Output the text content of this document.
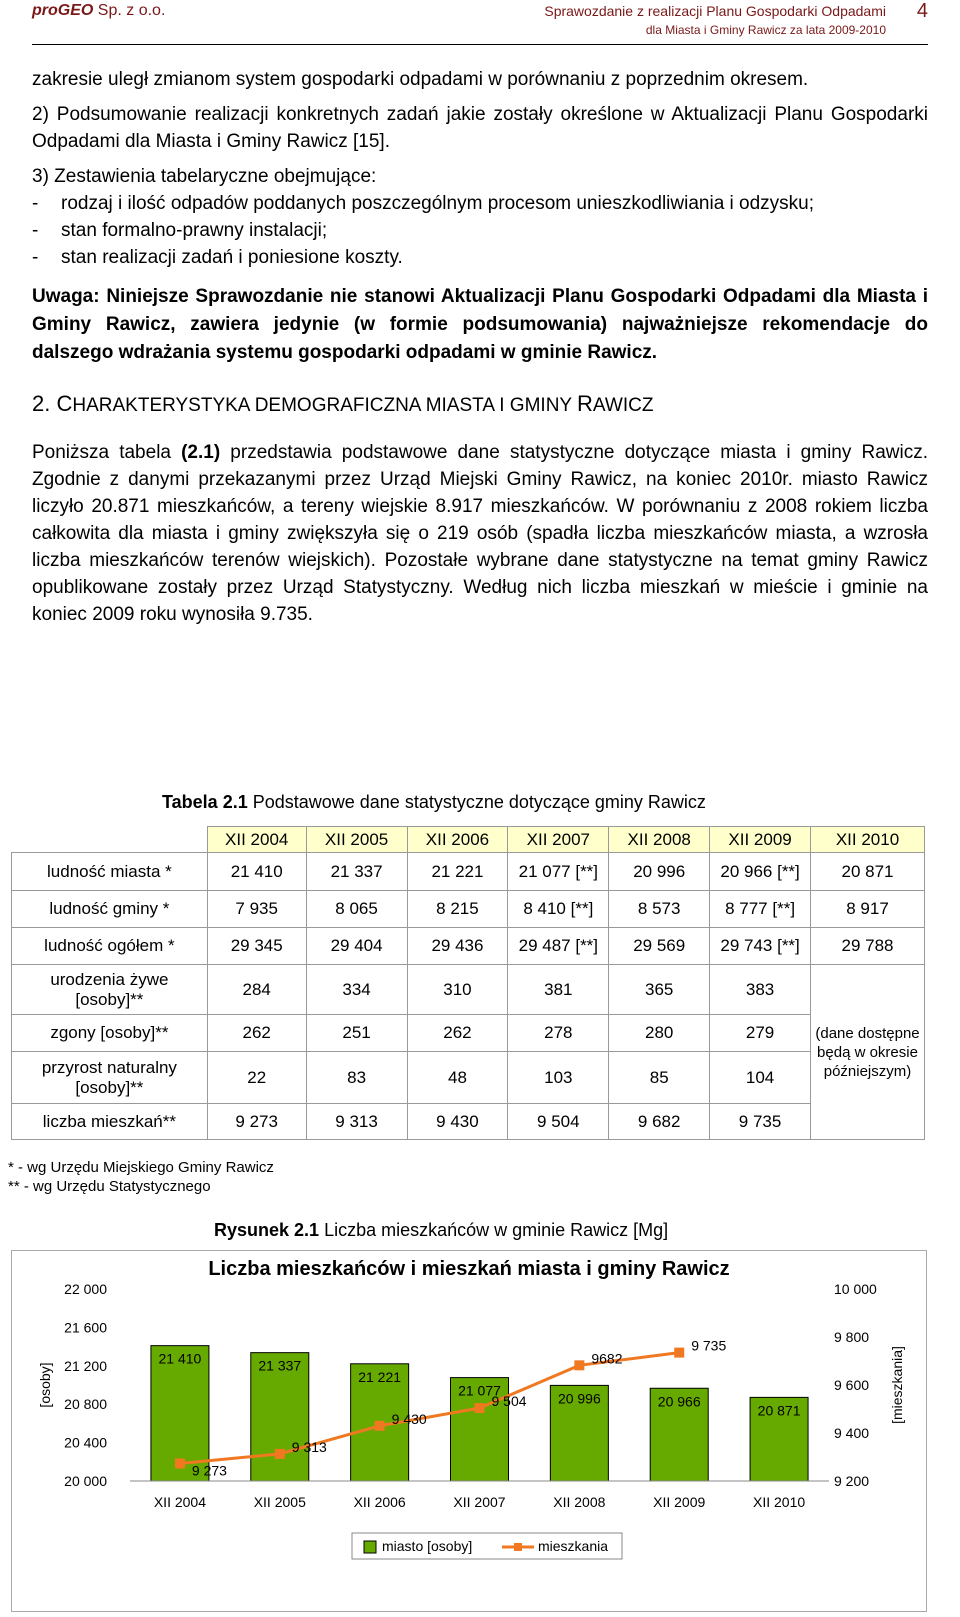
proGEO Sp. z o.o.	Sprawozdanie z realizacji Planu Gospodarki Odpadami
dla Miasta i Gminy Rawicz za lata 2009-2010
4

zakresie uległ zmianom system gospodarki odpadami w porównaniu z poprzednim okresem.

2) Podsumowanie realizacji konkretnych zadań jakie zostały określone w Aktualizacji Planu Gospodarki Odpadami dla Miasta i Gminy Rawicz [15].

3) Zestawienia tabelaryczne obejmujące:

-	rodzaj i ilość odpadów poddanych poszczególnym procesom unieszkodliwiania i odzysku;
-	stan formalno-prawny instalacji;
-	stan realizacji zadań i poniesione koszty.

Uwaga: Niniejsze Sprawozdanie nie stanowi Aktualizacji Planu Gospodarki Odpadami dla Miasta i Gminy Rawicz, zawiera jedynie (w formie podsumowania) najważniejsze rekomendacje do dalszego wdrażania systemu gospodarki odpadami w gminie Rawicz.

2. CHARAKTERYSTYKA DEMOGRAFICZNA MIASTA I GMINY RAWICZ

Poniższa tabela (2.1) przedstawia podstawowe dane statystyczne dotyczące miasta i gminy Rawicz. Zgodnie z danymi przekazanymi przez Urząd Miejski Gminy Rawicz, na koniec 2010r. miasto Rawicz liczyło 20.871 mieszkańców, a tereny wiejskie 8.917 mieszkańców. W porównaniu z 2008 rokiem liczba całkowita dla miasta i gminy zwiększyła się o 219 osób (spadła liczba mieszkańców miasta, a wzrosła liczba mieszkańców terenów wiejskich). Pozostałe wybrane dane statystyczne na temat gminy Rawicz opublikowane zostały przez Urząd Statystyczny. Według nich liczba mieszkań w mieście i gminie na koniec 2009 roku wynosiła 9.735.

Tabela 2.1 Podstawowe dane statystyczne dotyczące gminy Rawicz
	XII 2004	XII 2005	XII 2006	XII 2007	XII 2008	XII 2009	XII 2010
ludność miasta *	21 410	21 337	21 221	21 077 [**]	20 996	20 966 [**]	20 871
ludność gminy *	7 935	8 065	8 215	8 410 [**]	8 573	8 777 [**]	8 917
ludność ogółem *	29 345	29 404	29 436	29 487 [**]	29 569	29 743 [**]	29 788
urodzenia żywe [osoby]**	284	334	310	381	365	383	(dane dostępne będą w okresie późniejszym)
zgony [osoby]**	262	251	262	278	280	279	
przyrost naturalny [osoby]**	22	83	48	103	85	104	
liczba mieszkań**	9 273	9 313	9 430	9 504	9 682	9 735	
* - wg Urzędu Miejskiego Gminy Rawicz
** - wg Urzędu Statystycznego
Rysunek 2.1 Liczba mieszkańców w gminie Rawicz [Mg]
Liczba mieszkańców i mieszkań miasta i gminy Rawicz
20 000
20 400
20 800
21 200
21 600
22 000
9 200
9 400
9 600
9 800
10 000
[osoby]	[mieszkania]
21 410	21 337
21 221
21 077	20 996	20 966
20 871
9 273
9 313
9 430
9 504
9682
9 735
XII 2004	XII 2005	XII 2006	XII 2007	XII 2008	XII 2009	XII 2010
miasto [osoby]	mieszkania
